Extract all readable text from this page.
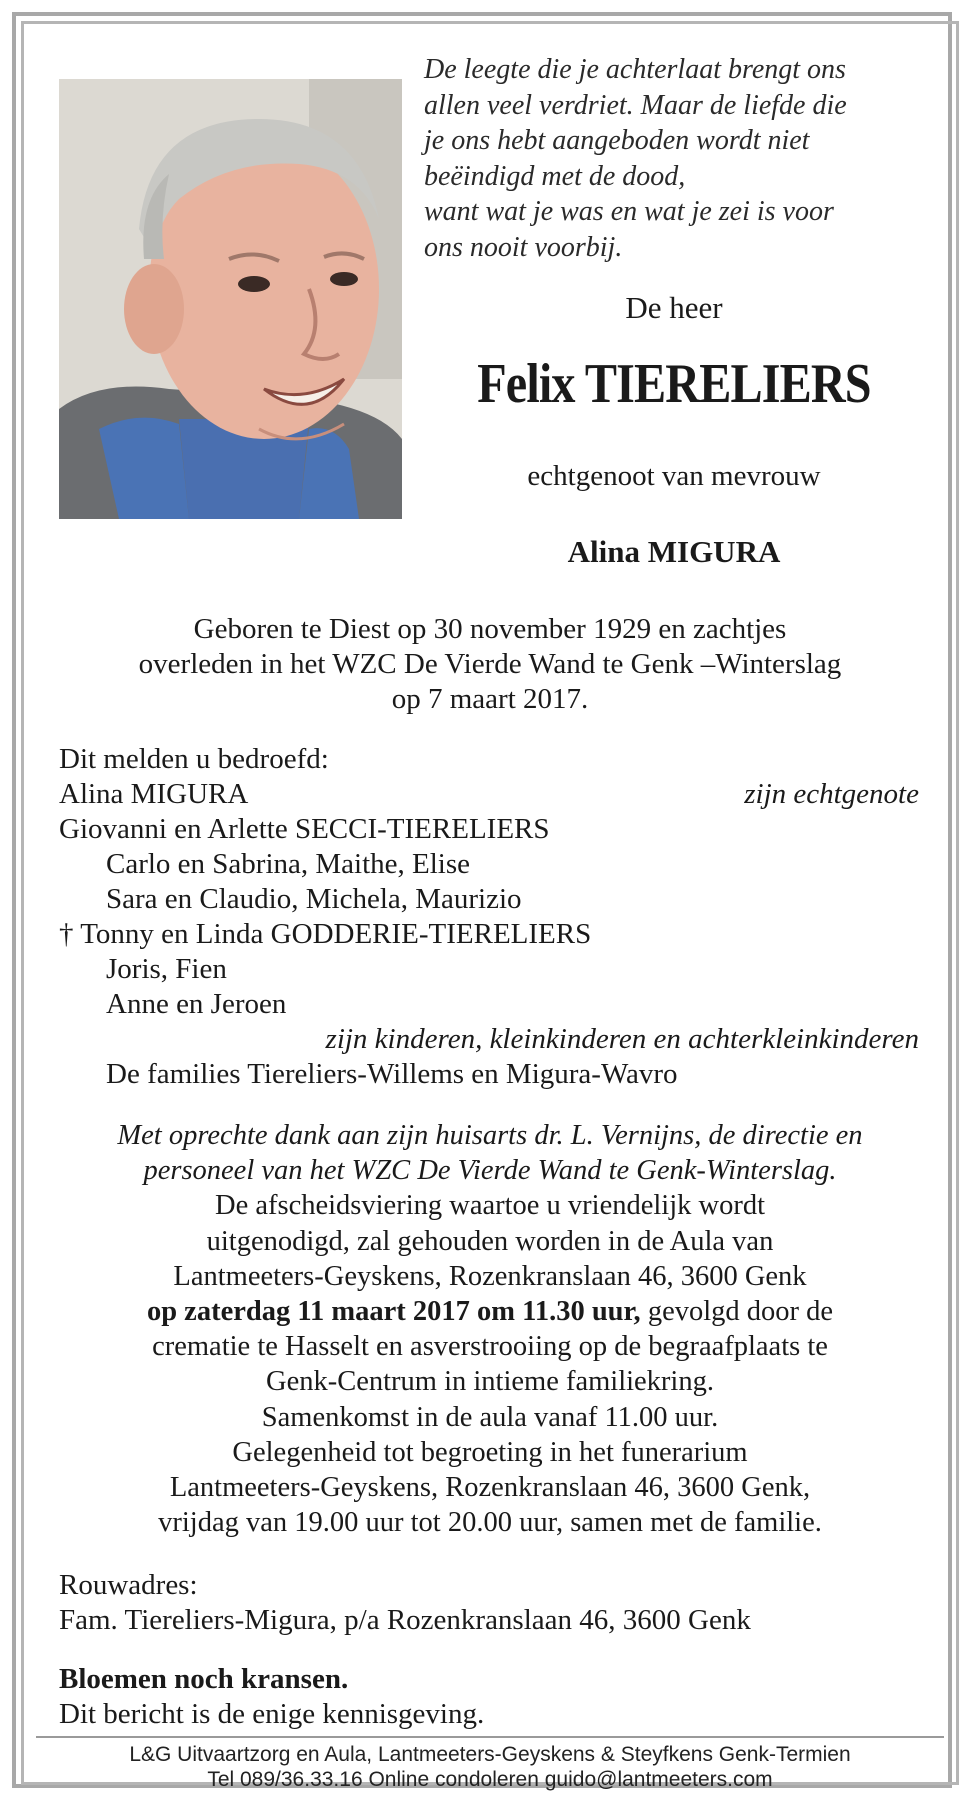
De leegte die je achterlaat brengt ons
allen veel verdriet. Maar de liefde die
je ons hebt aangeboden wordt niet
beëindigd met de dood,
want wat je was en wat je zei is voor
ons nooit voorbij.
De heer
Felix TIERELIERS
echtgenoot van mevrouw
Alina MIGURA
Geboren te Diest op 30 november 1929 en zachtjes
overleden in het WZC De Vierde Wand te Genk –Winterslag
op 7 maart 2017.
Dit melden u bedroefd:
Alina MIGURA	zijn echtgenote
Giovanni en Arlette SECCI-TIERELIERS
Carlo en Sabrina, Maithe, Elise
Sara en Claudio, Michela, Maurizio
† Tonny en Linda GODDERIE-TIERELIERS
Joris, Fien
Anne en Jeroen
zijn kinderen, kleinkinderen en achterkleinkinderen
De families Tiereliers-Willems en Migura-Wavro
Met oprechte dank aan zijn huisarts dr. L. Vernijns, de directie en
personeel van het WZC De Vierde Wand te Genk-Winterslag.
De afscheidsviering waartoe u vriendelijk wordt
uitgenodigd, zal gehouden worden in de Aula van
Lantmeeters-Geyskens, Rozenkranslaan 46, 3600 Genk
op zaterdag 11 maart 2017 om 11.30 uur, gevolgd door de
crematie te Hasselt en asverstrooiing op de begraafplaats te
Genk-Centrum in intieme familiekring.
Samenkomst in de aula vanaf 11.00 uur.
Gelegenheid tot begroeting in het funerarium
Lantmeeters-Geyskens, Rozenkranslaan 46, 3600 Genk,
vrijdag van 19.00 uur tot 20.00 uur, samen met de familie.
Rouwadres:
Fam. Tiereliers-Migura, p/a Rozenkranslaan 46, 3600 Genk
Bloemen noch kransen.
Dit bericht is de enige kennisgeving.
L&G Uitvaartzorg en Aula, Lantmeeters-Geyskens & Steyfkens Genk-Termien
Tel 089/36.33.16 Online condoleren guido@lantmeeters.com
